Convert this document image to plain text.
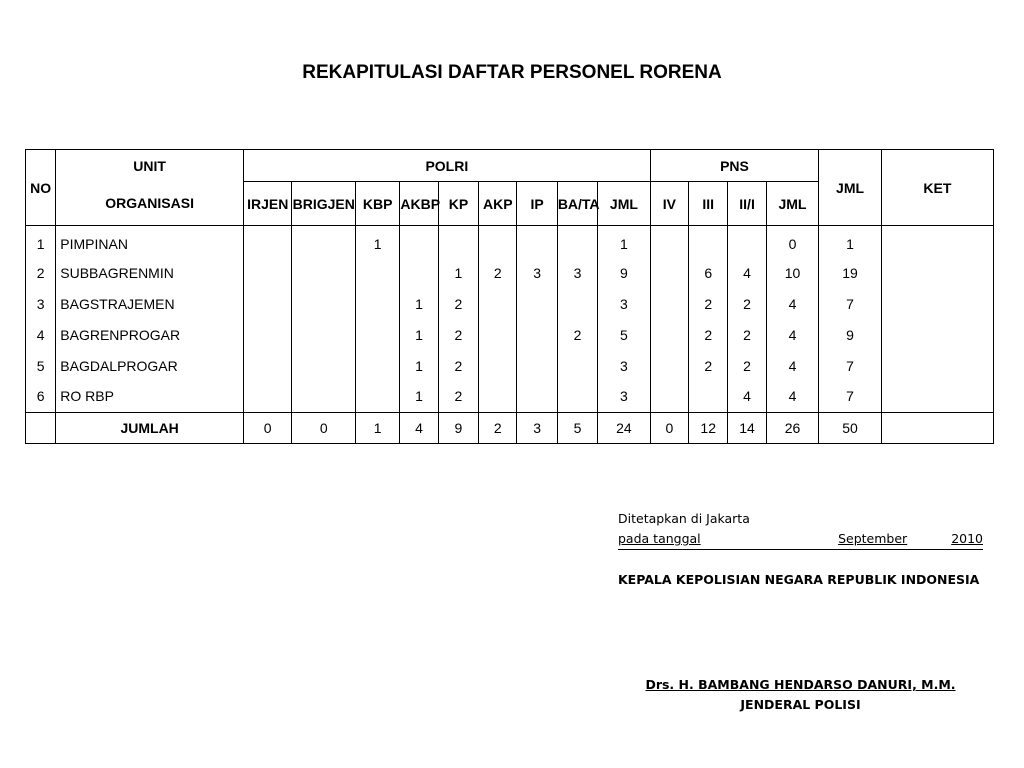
REKAPITULASI DAFTAR PERSONEL RORENA
NO	UNIT	POLRI									PNS				JML	KET
	ORGANISASI	IRJEN	BRIGJEN	KBP	AKBP	KP	AKP	IP	BA/TA	JML	IV	III	II/I	JML		
1	PIMPINAN			1						1				0	1	
2	SUBBAGRENMIN					1	2	3	3	9		6	4	10	19	
3	BAGSTRAJEMEN				1	2				3		2	2	4	7	
4	BAGRENPROGAR				1	2			2	5		2	2	4	9	
5	BAGDALPROGAR				1	2				3		2	2	4	7	
6	RO RBP				1	2				3			4	4	7	
	JUMLAH	0	0	1	4	9	2	3	5	24	0	12	14	26	50	
Ditetapkan di Jakarta
pada tanggal	September	2010
KEPALA KEPOLISIAN NEGARA REPUBLIK INDONESIA
Drs. H. BAMBANG HENDARSO DANURI, M.M.
JENDERAL POLISI
